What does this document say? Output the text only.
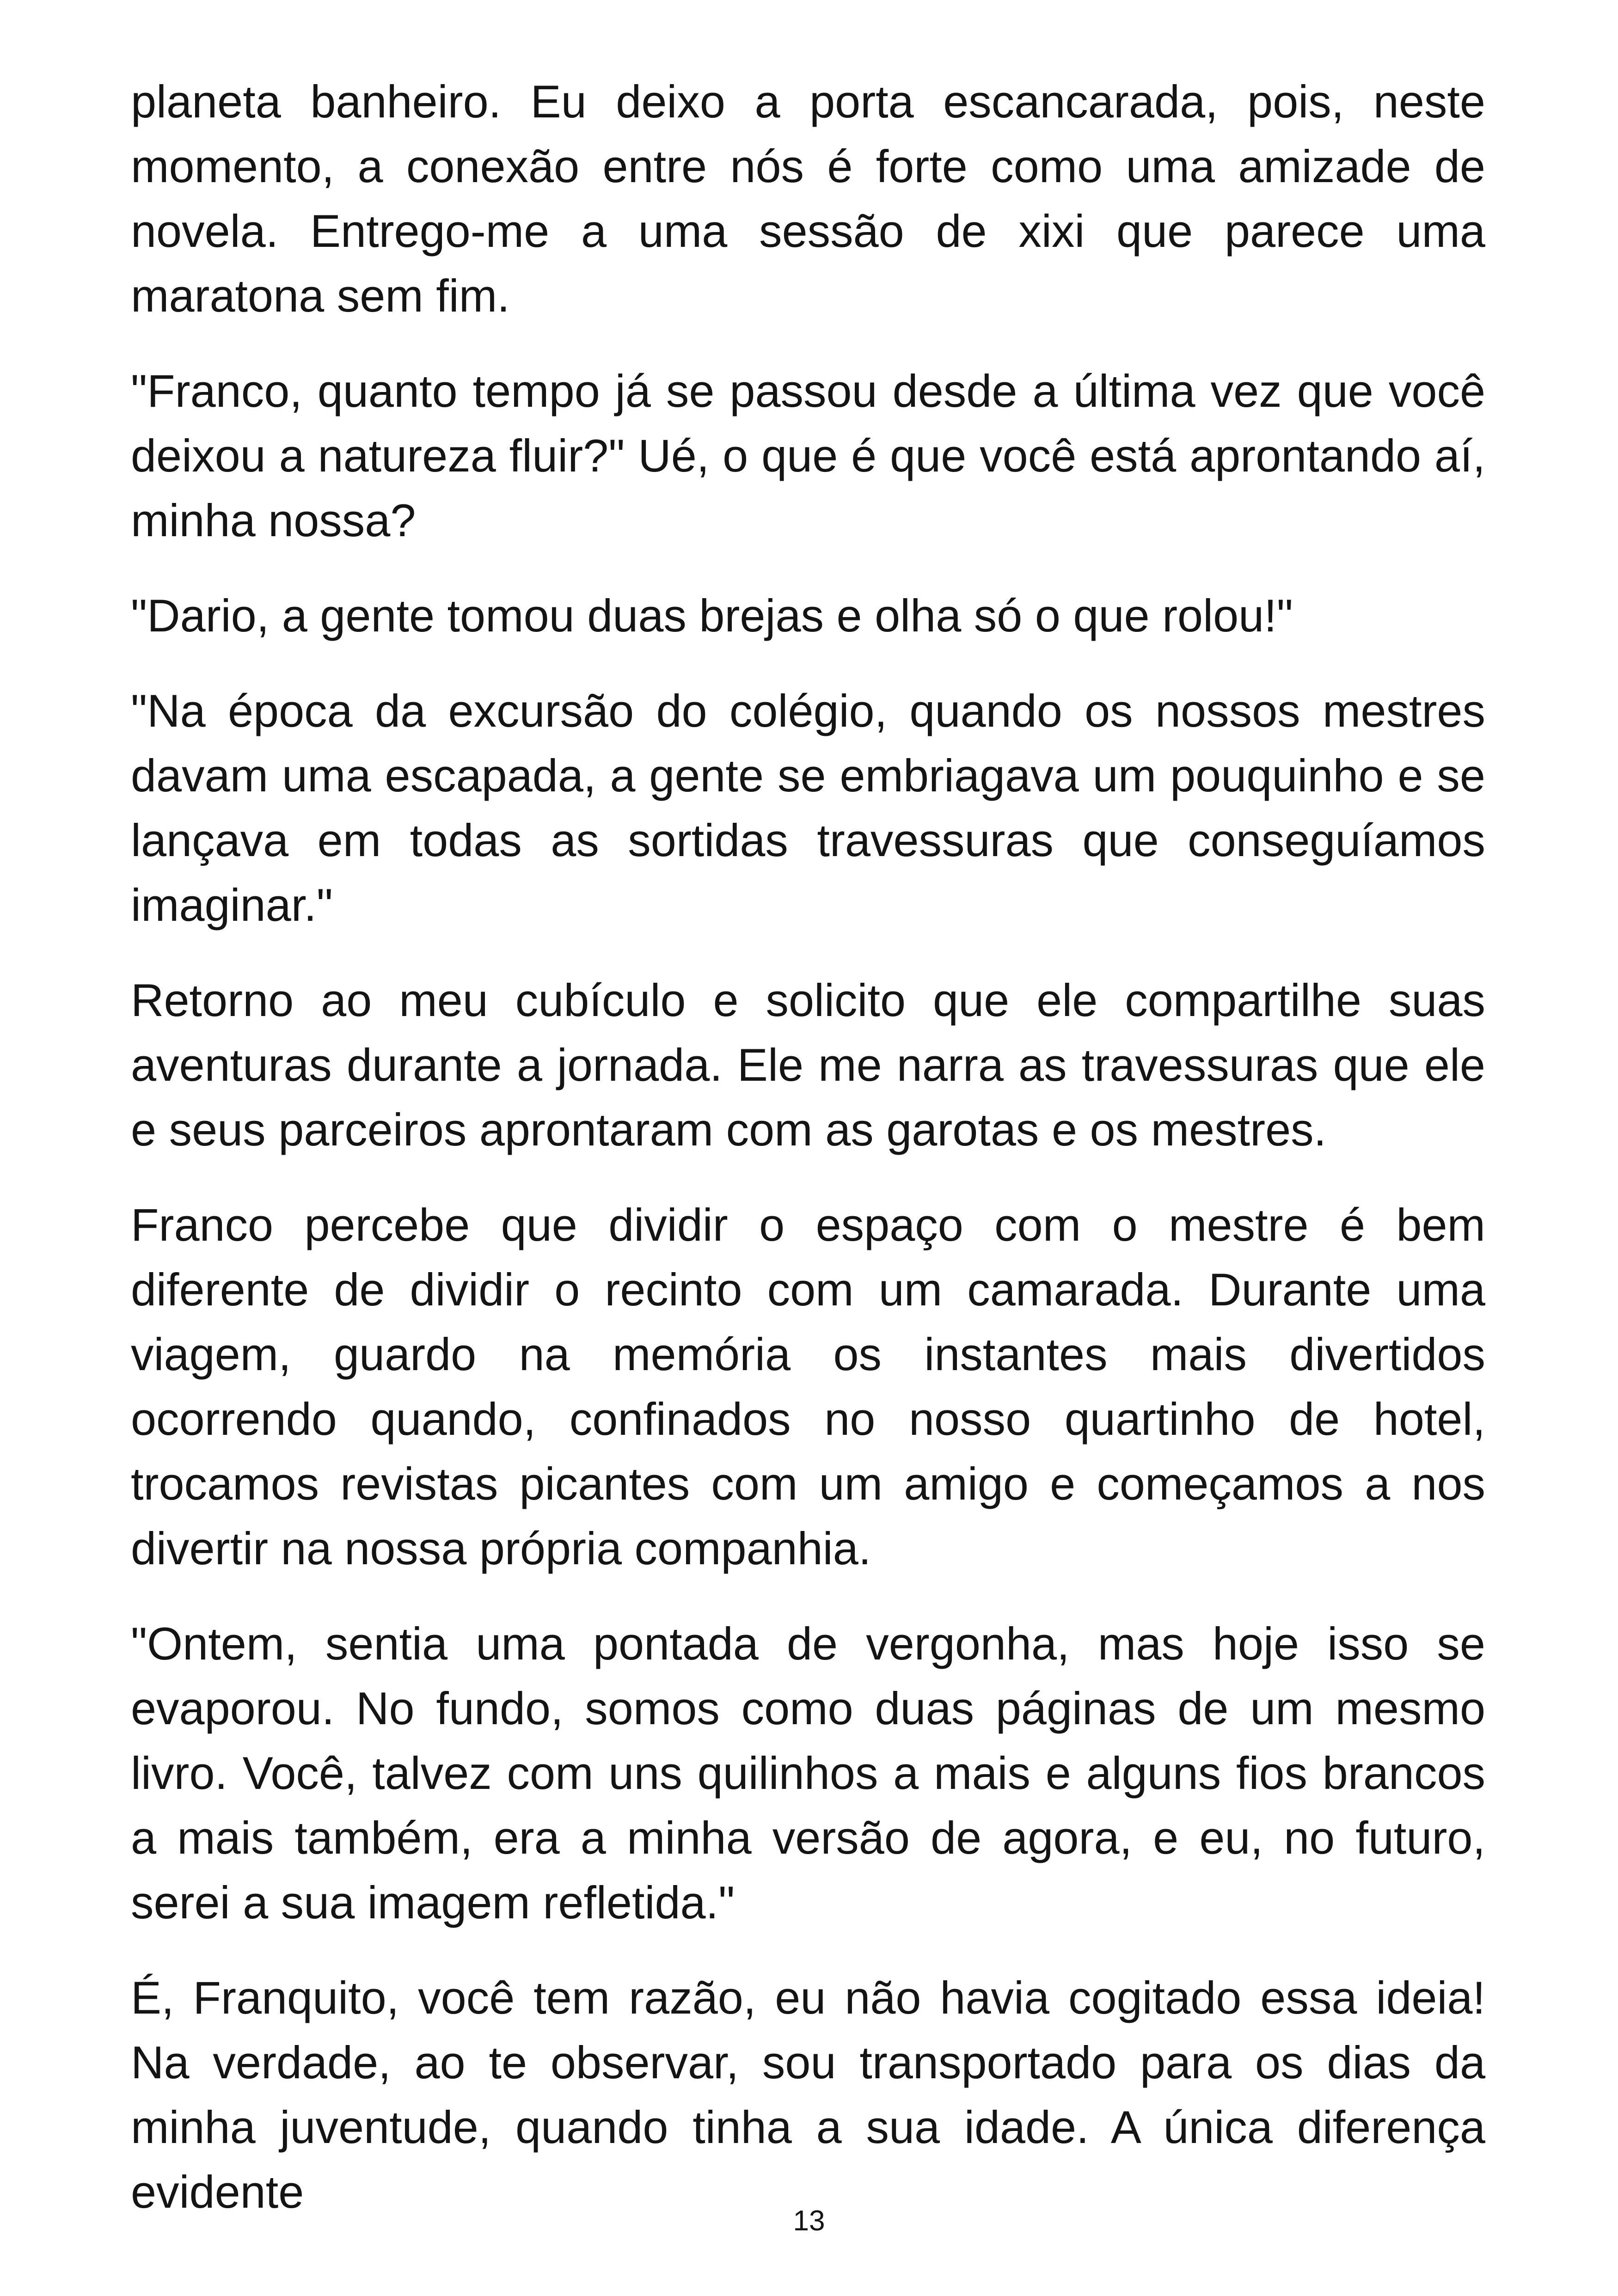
planeta banheiro. Eu deixo a porta escancarada, pois, neste momento, a conexão entre nós é forte como uma amizade de novela. Entrego-me a uma sessão de xixi que parece uma maratona sem fim.

"Franco, quanto tempo já se passou desde a última vez que você deixou a natureza fluir?" Ué, o que é que você está aprontando aí, minha nossa?

"Dario, a gente tomou duas brejas e olha só o que rolou!"

"Na época da excursão do colégio, quando os nossos mestres davam uma escapada, a gente se embriagava um pouquinho e se lançava em todas as sortidas travessuras que conseguíamos imaginar."

Retorno ao meu cubículo e solicito que ele compartilhe suas aventuras durante a jornada. Ele me narra as travessuras que ele e seus parceiros aprontaram com as garotas e os mestres.

Franco percebe que dividir o espaço com o mestre é bem diferente de dividir o recinto com um camarada. Durante uma viagem, guardo na memória os instantes mais divertidos ocorrendo quando, confinados no nosso quartinho de hotel, trocamos revistas picantes com um amigo e começamos a nos divertir na nossa própria companhia.

"Ontem, sentia uma pontada de vergonha, mas hoje isso se evaporou. No fundo, somos como duas páginas de um mesmo livro. Você, talvez com uns quilinhos a mais e alguns fios brancos a mais também, era a minha versão de agora, e eu, no futuro, serei a sua imagem refletida."

É, Franquito, você tem razão, eu não havia cogitado essa ideia! Na verdade, ao te observar, sou transportado para os dias da minha juventude, quando tinha a sua idade. A única diferença evidente

13
